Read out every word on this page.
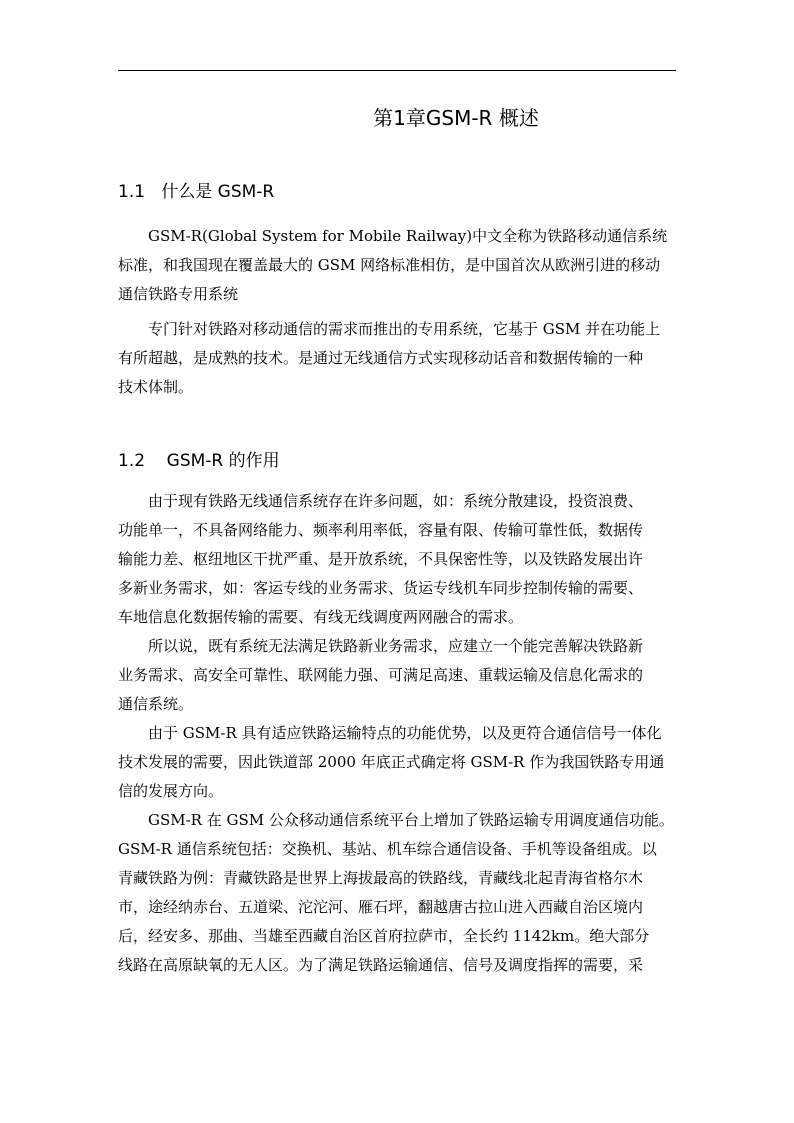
第1章GSM-R 概述
1.1   什么是 GSM-R
GSM-R(Global System for Mobile Railway)中文全称为铁路移动通信系统
标准，和我国现在覆盖最大的 GSM 网络标准相仿，是中国首次从欧洲引进的移动
通信铁路专用系统
专门针对铁路对移动通信的需求而推出的专用系统，它基于 GSM 并在功能上
有所超越，是成熟的技术。是通过无线通信方式实现移动话音和数据传输的一种
技术体制。
1.2    GSM-R 的作用
由于现有铁路无线通信系统存在许多问题，如：系统分散建设，投资浪费、
功能单一，不具备网络能力、频率利用率低，容量有限、传输可靠性低，数据传
输能力差、枢纽地区干扰严重、是开放系统，不具保密性等，以及铁路发展出许
多新业务需求，如：客运专线的业务需求、货运专线机车同步控制传输的需要、
车地信息化数据传输的需要、有线无线调度两网融合的需求。
所以说，既有系统无法满足铁路新业务需求，应建立一个能完善解决铁路新
业务需求、高安全可靠性、联网能力强、可满足高速、重载运输及信息化需求的
通信系统。
由于 GSM-R 具有适应铁路运输特点的功能优势，以及更符合通信信号一体化
技术发展的需要，因此铁道部 2000 年底正式确定将 GSM-R 作为我国铁路专用通
信的发展方向。
GSM-R 在 GSM 公众移动通信系统平台上增加了铁路运输专用调度通信功能。
GSM-R 通信系统包括：交换机、基站、机车综合通信设备、手机等设备组成。以
青藏铁路为例：青藏铁路是世界上海拔最高的铁路线，青藏线北起青海省格尔木
市，途经纳赤台、五道梁、沱沱河、雁石坪，翻越唐古拉山进入西藏自治区境内
后，经安多、那曲、当雄至西藏自治区首府拉萨市，全长约 1142km。绝大部分
线路在高原缺氧的无人区。为了满足铁路运输通信、信号及调度指挥的需要，采
